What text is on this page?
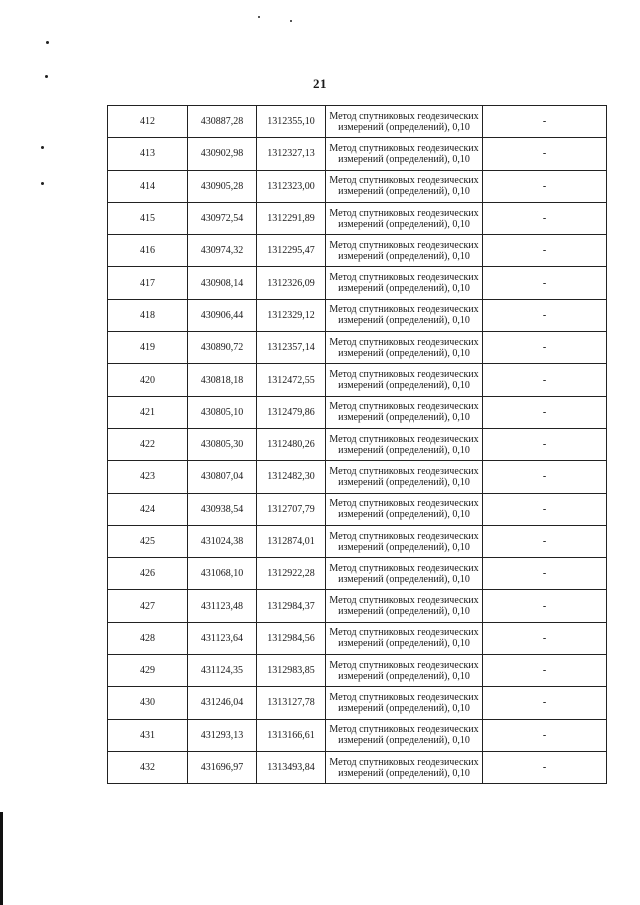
21
412	430887,28	1312355,10	Метод спутниковых геодезических
измерений (определений), 0,10	-
413	430902,98	1312327,13	Метод спутниковых геодезических
измерений (определений), 0,10	-
414	430905,28	1312323,00	Метод спутниковых геодезических
измерений (определений), 0,10	-
415	430972,54	1312291,89	Метод спутниковых геодезических
измерений (определений), 0,10	-
416	430974,32	1312295,47	Метод спутниковых геодезических
измерений (определений), 0,10	-
417	430908,14	1312326,09	Метод спутниковых геодезических
измерений (определений), 0,10	-
418	430906,44	1312329,12	Метод спутниковых геодезических
измерений (определений), 0,10	-
419	430890,72	1312357,14	Метод спутниковых геодезических
измерений (определений), 0,10	-
420	430818,18	1312472,55	Метод спутниковых геодезических
измерений (определений), 0,10	-
421	430805,10	1312479,86	Метод спутниковых геодезических
измерений (определений), 0,10	-
422	430805,30	1312480,26	Метод спутниковых геодезических
измерений (определений), 0,10	-
423	430807,04	1312482,30	Метод спутниковых геодезических
измерений (определений), 0,10	-
424	430938,54	1312707,79	Метод спутниковых геодезических
измерений (определений), 0,10	-
425	431024,38	1312874,01	Метод спутниковых геодезических
измерений (определений), 0,10	-
426	431068,10	1312922,28	Метод спутниковых геодезических
измерений (определений), 0,10	-
427	431123,48	1312984,37	Метод спутниковых геодезических
измерений (определений), 0,10	-
428	431123,64	1312984,56	Метод спутниковых геодезических
измерений (определений), 0,10	-
429	431124,35	1312983,85	Метод спутниковых геодезических
измерений (определений), 0,10	-
430	431246,04	1313127,78	Метод спутниковых геодезических
измерений (определений), 0,10	-
431	431293,13	1313166,61	Метод спутниковых геодезических
измерений (определений), 0,10	-
432	431696,97	1313493,84	Метод спутниковых геодезических
измерений (определений), 0,10	-
